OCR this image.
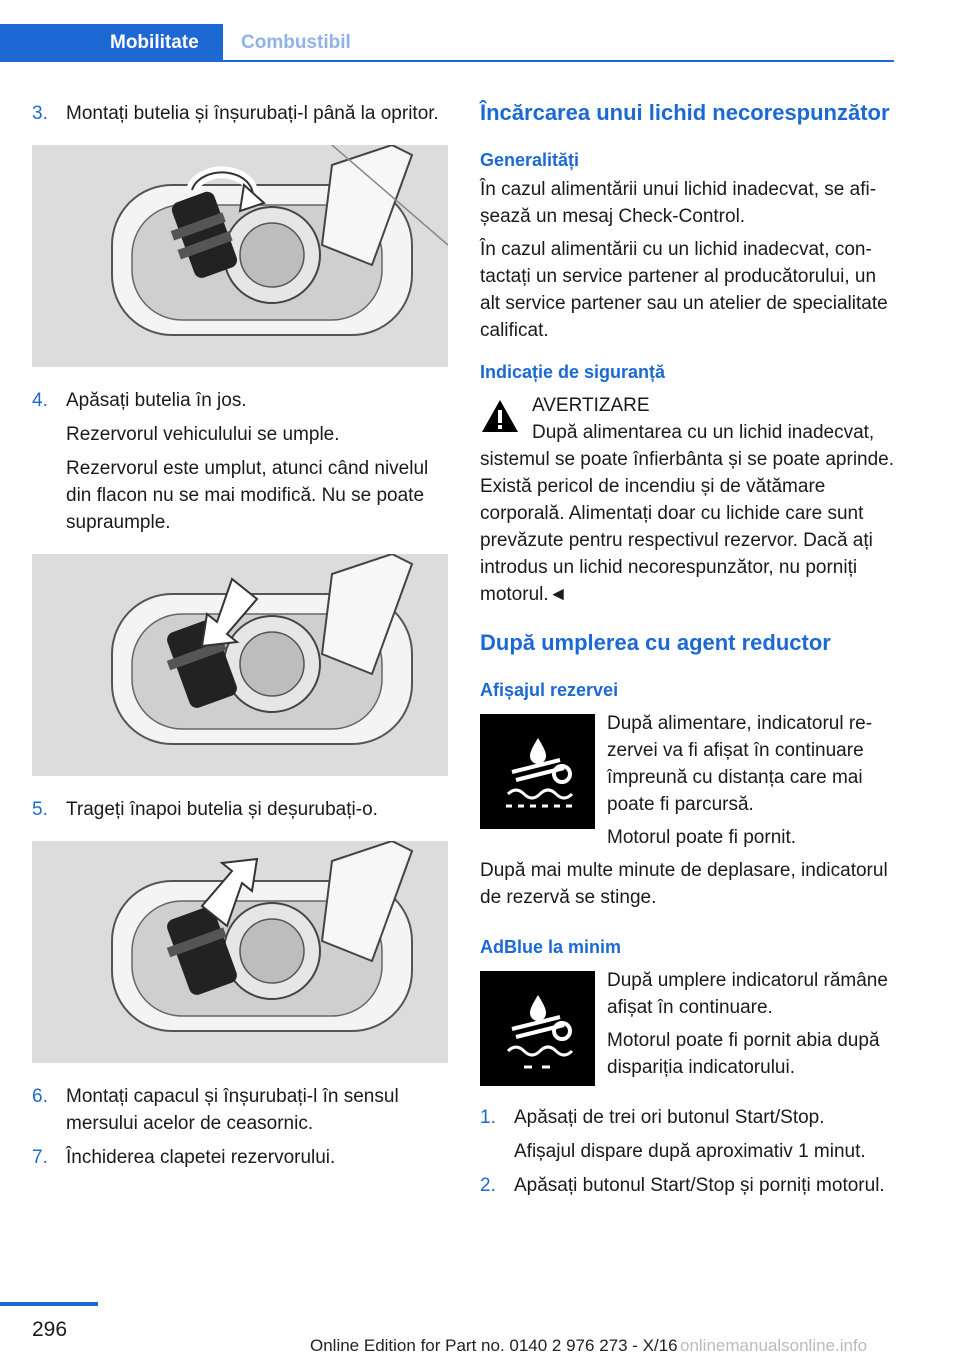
Mobilitate	Combustibil
3. Montați butelia și înșurubați-l până la opritor.

4. Apăsați butelia în jos.

Rezervorul vehiculului se umple.

Rezervorul este umplut, atunci când nivelul din flacon nu se mai modifică. Nu se poate supraumple.

5. Trageți înapoi butelia și deșurubați-o.

6. Montați capacul și înșurubați-l în sensul mersului acelor de ceasornic.

7. Închiderea clapetei rezervorului.

Încărcarea unui lichid necorespunzător
Generalități

În cazul alimentării unui lichid inadecvat, se afișează un mesaj Check-Control.

În cazul alimentării cu un lichid inadecvat, contactați un service partener al producătorului, un alt service partener sau un atelier de specialitate calificat.

Indicație de siguranță

AVERTIZARE

După alimentarea cu un lichid inadecvat, sistemul se poate înfierbânta și se poate aprinde. Există pericol de incendiu și de vătămare corporală. Alimentați doar cu lichide care sunt prevăzute pentru respectivul rezervor. Dacă ați introdus un lichid necorespunzător, nu porniți motorul.◄

După umplerea cu agent reductor
Afișajul rezervei

După alimentare, indicatorul rezervei va fi afișat în continuare împreună cu distanța care mai poate fi parcursă.

Motorul poate fi pornit.

După mai multe minute de deplasare, indicatorul de rezervă se stinge.

AdBlue la minim

După umplere indicatorul rămâne afișat în continuare.

Motorul poate fi pornit abia după dispariția indicatorului.

1. Apăsați de trei ori butonul Start/Stop.

Afișajul dispare după aproximativ 1 minut.

2. Apăsați butonul Start/Stop și porniți motorul.

296
Online Edition for Part no. 0140 2 976 273 - X/16 onlinemanualsonline.info
